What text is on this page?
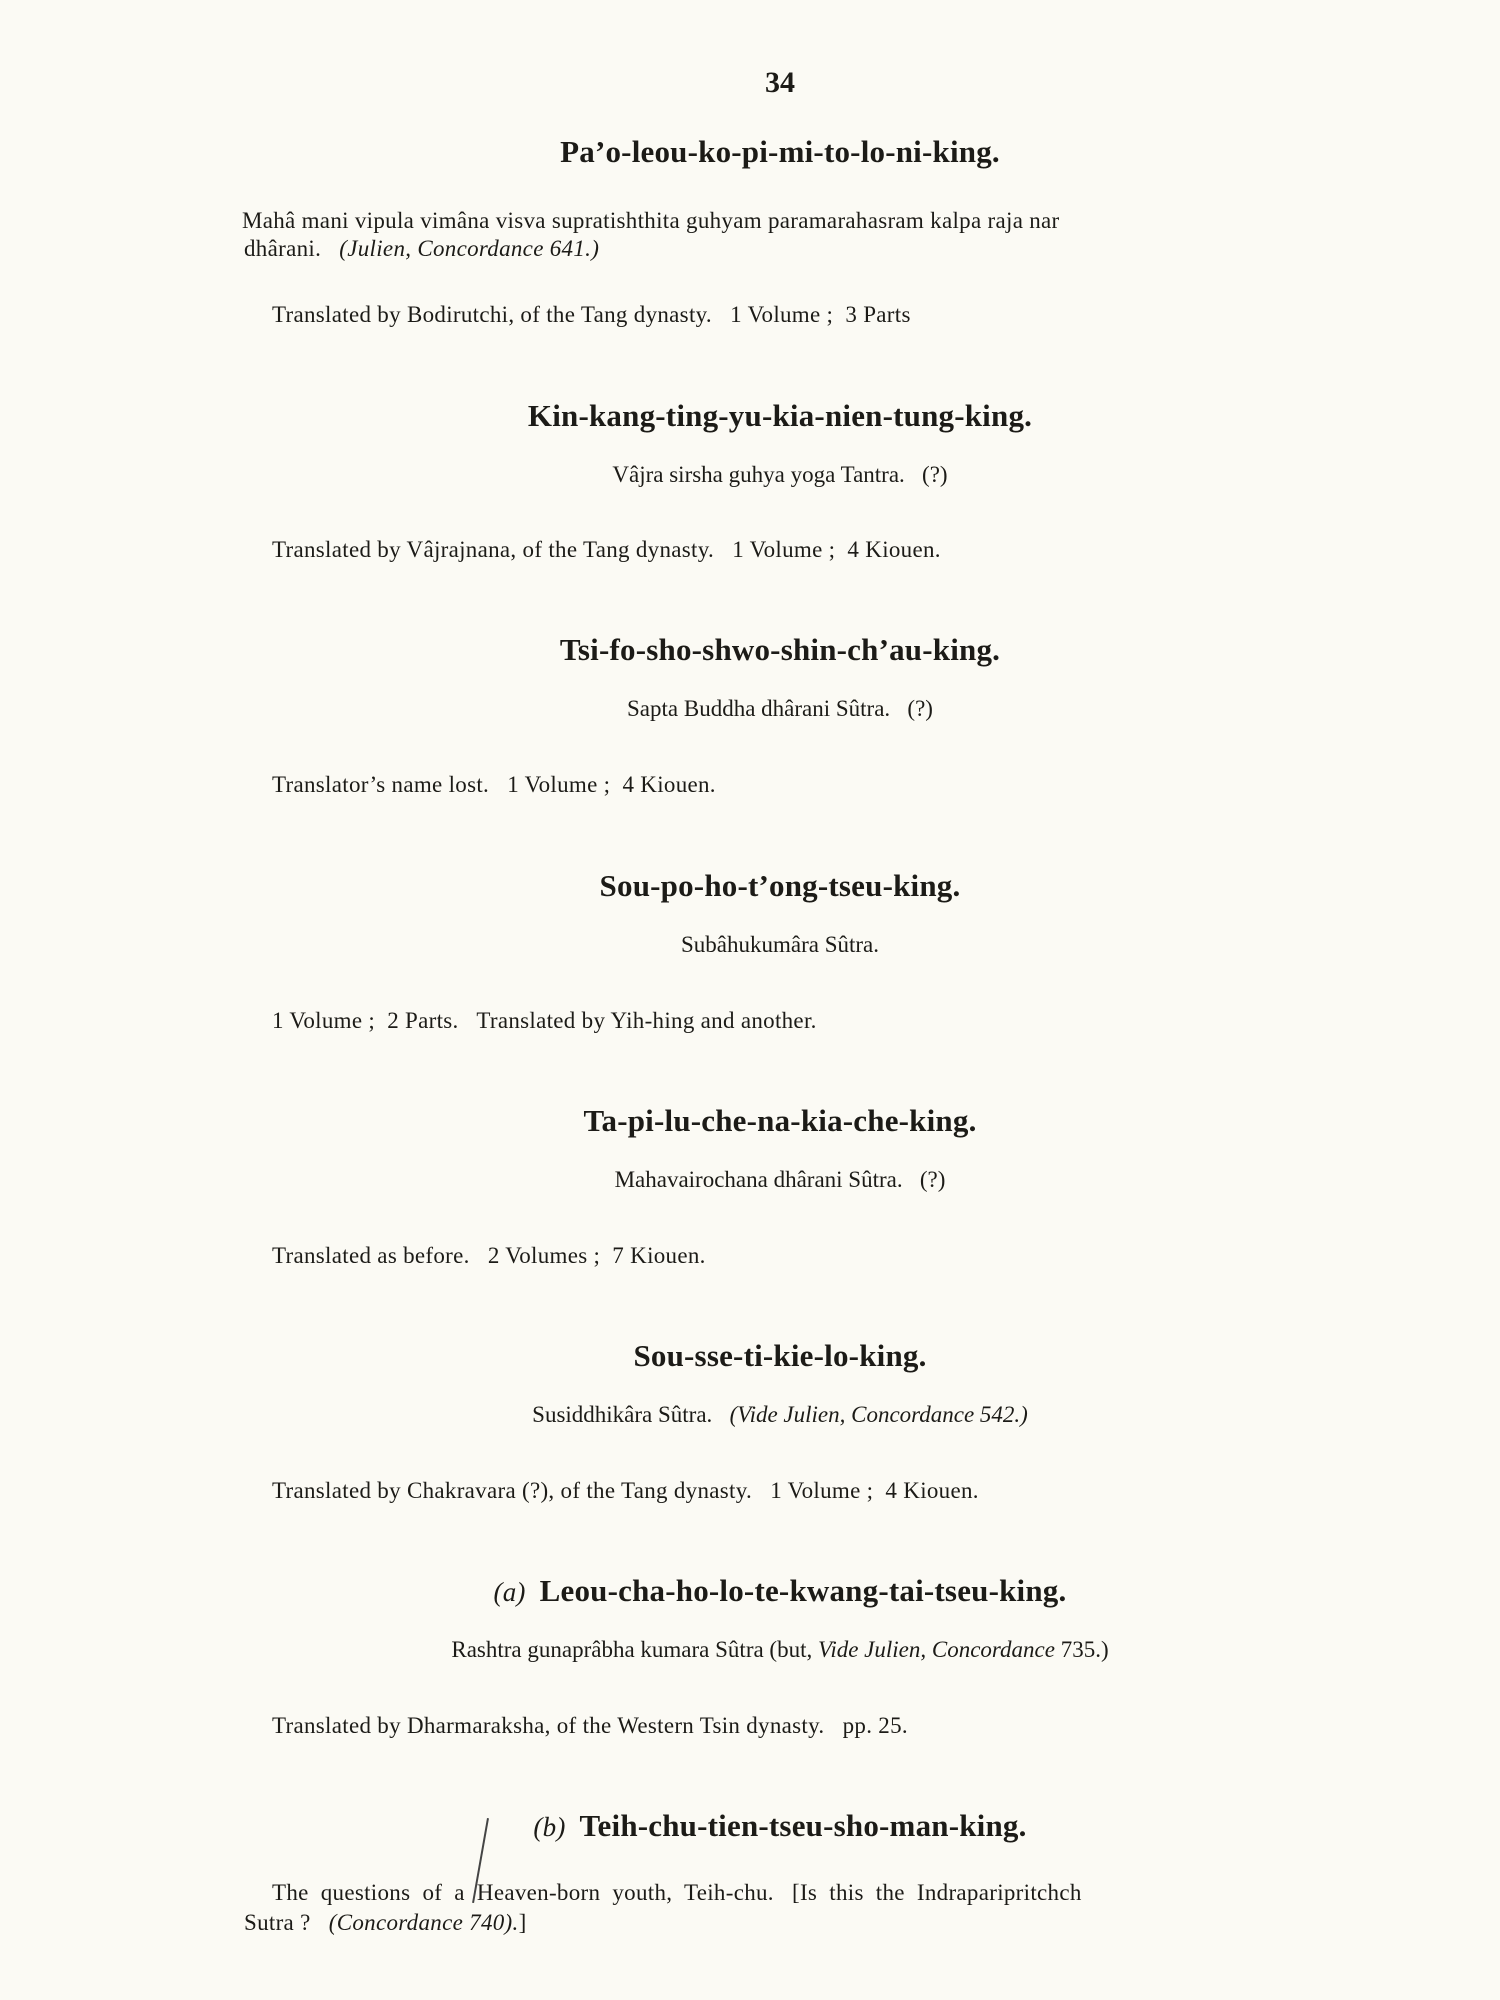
34
Pa’o-leou-ko-pi-mi-to-lo-ni-king.
Mahâ mani vipula vimâna visva supratishthita guhyam paramarahasram kalpa raja nar
dhârani. (Julien, Concordance 641.)
Translated by Bodirutchi, of the Tang dynasty.   1 Volume ;  3 Parts
Kin-kang-ting-yu-kia-nien-tung-king.
Vâjra sirsha guhya yoga Tantra.   (?)
Translated by Vâjrajnana, of the Tang dynasty.   1 Volume ;  4 Kiouen.
Tsi-fo-sho-shwo-shin-ch’au-king.
Sapta Buddha dhârani Sûtra.   (?)
Translator’s name lost.   1 Volume ;  4 Kiouen.
Sou-po-ho-t’ong-tseu-king.
Subâhukumâra Sûtra.
1 Volume ;  2 Parts.   Translated by Yih-hing and another.
Ta-pi-lu-che-na-kia-che-king.
Mahavairochana dhârani Sûtra.   (?)
Translated as before.   2 Volumes ;  7 Kiouen.
Sou-sse-ti-kie-lo-king.
Susiddhikâra Sûtra. (Vide Julien, Concordance 542.)
Translated by Chakravara (?), of the Tang dynasty.   1 Volume ;  4 Kiouen.
(a) Leou-cha-ho-lo-te-kwang-tai-tseu-king.
Rashtra gunaprâbha kumara Sûtra (but, Vide Julien, Concordance 735.)
Translated by Dharmaraksha, of the Western Tsin dynasty.   pp. 25.
(b) Teih-chu-tien-tseu-sho-man-king.
The  questions  of  a  Heaven-born  youth,  Teih-chu.   [Is  this  the  Indraparipritchch
Sutra ? (Concordance 740).]
